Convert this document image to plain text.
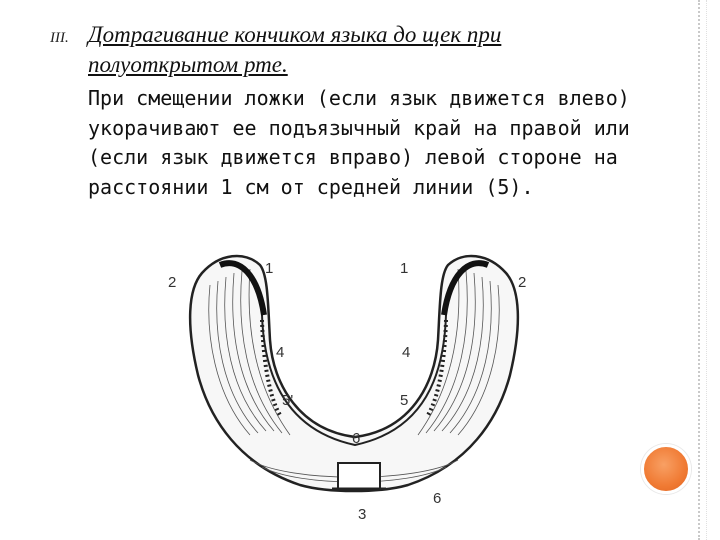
III. Дотрагивание кончиком языка до щек при полуоткрытом рте.
При смещении ложки (если язык движется влево) укорачивают ее подъязычный край на правой или (если язык движется вправо) левой стороне на расстоянии 1 см от средней линии (5).
2
1
4
5'
6
1
2
4
5
6
3
